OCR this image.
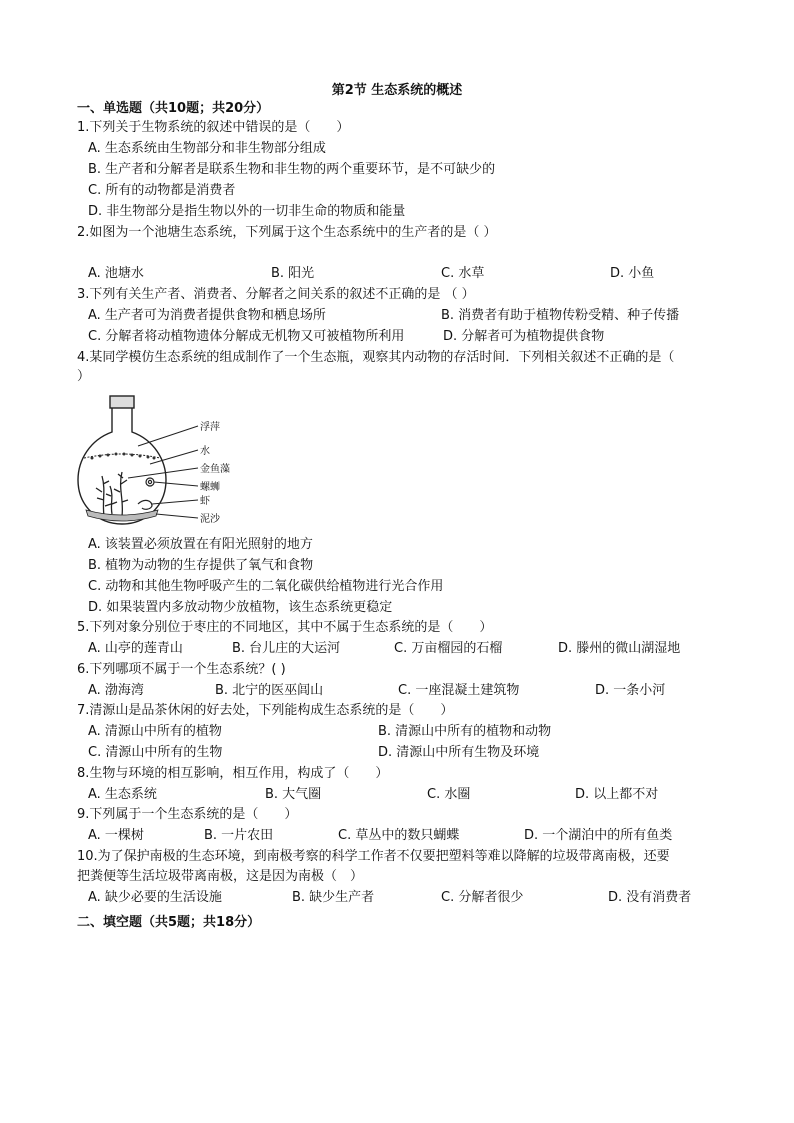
第2节 生态系统的概述
一、单选题（共10题；共20分）
1.下列关于生物系统的叙述中错误的是（　　）
A. 生态系统由生物部分和非生物部分组成
B. 生产者和分解者是联系生物和非生物的两个重要环节，是不可缺少的
C. 所有的动物都是消费者
D. 非生物部分是指生物以外的一切非生命的物质和能量
2.如图为一个池塘生态系统，下列属于这个生态系统中的生产者的是（ ）
A. 池塘水	B. 阳光	C. 水草	D. 小鱼
3.下列有关生产者、消费者、分解者之间关系的叙述不正确的是 （ ）
A. 生产者可为消费者提供食物和栖息场所	B. 消费者有助于植物传粉受精、种子传播
C. 分解者将动植物遗体分解成无机物又可被植物所利用	D. 分解者可为植物提供食物
4.某同学模仿生态系统的组成制作了一个生态瓶，观察其内动物的存活时间．下列相关叙述不正确的是（
）
浮萍
水
金鱼藻
螺蛳
虾
泥沙
A. 该装置必须放置在有阳光照射的地方
B. 植物为动物的生存提供了氧气和食物
C. 动物和其他生物呼吸产生的二氧化碳供给植物进行光合作用
D. 如果装置内多放动物少放植物，该生态系统更稳定
5.下列对象分别位于枣庄的不同地区，其中不属于生态系统的是（　　）
A. 山亭的莲青山	B. 台儿庄的大运河	C. 万亩榴园的石榴	D. 滕州的微山湖湿地
6.下列哪项不属于一个生态系统？( )
A. 渤海湾	B. 北宁的医巫闾山	C. 一座混凝土建筑物	D. 一条小河
7.清源山是品茶休闲的好去处，下列能构成生态系统的是（　　）
A. 清源山中所有的植物	B. 清源山中所有的植物和动物
C. 清源山中所有的生物	D. 清源山中所有生物及环境
8.生物与环境的相互影响，相互作用，构成了（　　）
A. 生态系统	B. 大气圈	C. 水圈	D. 以上都不对
9.下列属于一个生态系统的是（　　）
A. 一棵树	B. 一片农田	C. 草丛中的数只蝴蝶	D. 一个湖泊中的所有鱼类
10.为了保护南极的生态环境，到南极考察的科学工作者不仅要把塑料等难以降解的垃圾带离南极，还要
把粪便等生活垃圾带离南极，这是因为南极（　）
A. 缺少必要的生活设施	B. 缺少生产者	C. 分解者很少	D. 没有消费者
二、填空题（共5题；共18分）
